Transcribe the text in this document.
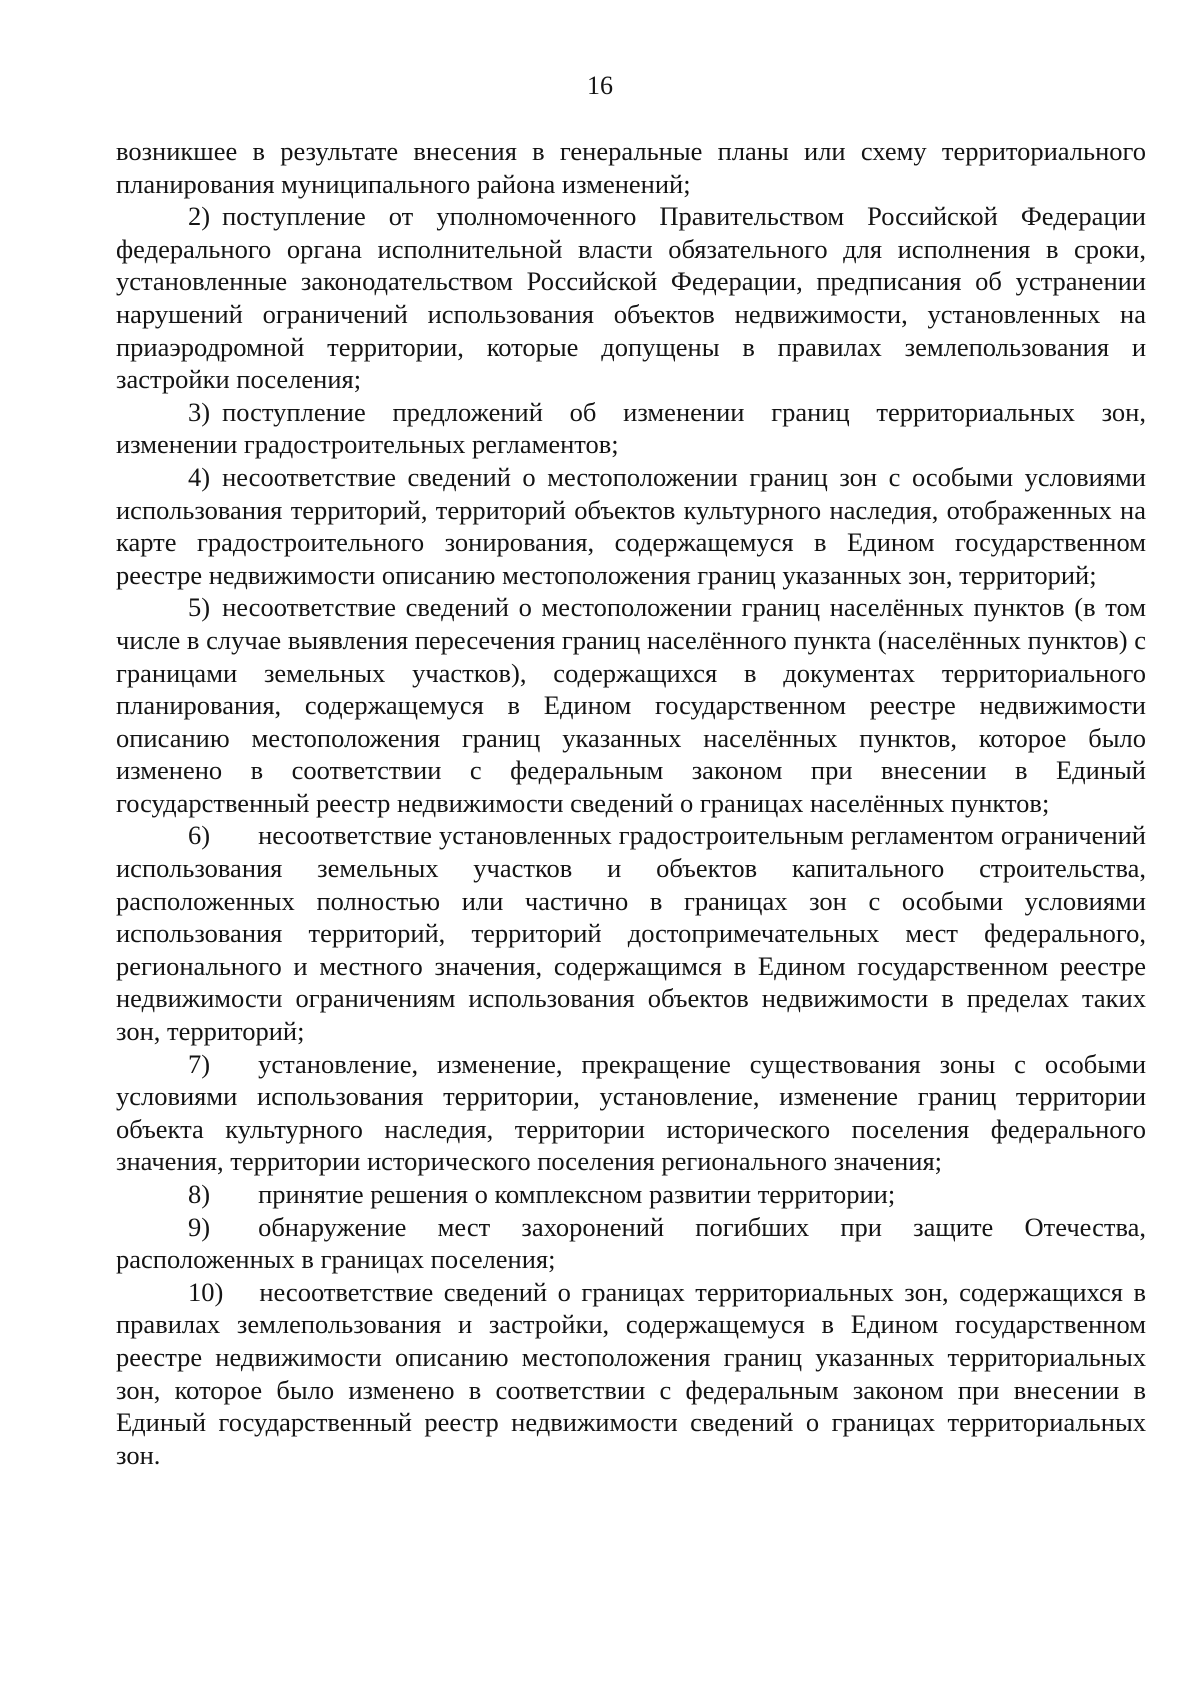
16

возникшее в результате внесения в генеральные планы или схему территориального планирования муниципального района изменений;

2) поступление от уполномоченного Правительством Российской Федерации федерального органа исполнительной власти обязательного для исполнения в сроки, установленные законодательством Российской Федерации, предписания об устранении нарушений ограничений использования объектов недвижимости, установленных на приаэродромной территории, которые допущены в правилах землепользования и застройки поселения;

3) поступление предложений об изменении границ территориальных зон, изменении градостроительных регламентов;

4) несоответствие сведений о местоположении границ зон с особыми условиями использования территорий, территорий объектов культурного наследия, отображенных на карте градостроительного зонирования, содержащемуся в Едином государственном реестре недвижимости описанию местоположения границ указанных зон, территорий;

5) несоответствие сведений о местоположении границ населённых пунктов (в том числе в случае выявления пересечения границ населённого пункта (населённых пунктов) с границами земельных участков), содержащихся в документах территориального планирования, содержащемуся в Едином государственном реестре недвижимости описанию местоположения границ указанных населённых пунктов, которое было изменено в соответствии с федеральным законом при внесении в Единый государственный реестр недвижимости сведений о границах населённых пунктов;

6) несоответствие установленных градостроительным регламентом ограничений использования земельных участков и объектов капитального строительства, расположенных полностью или частично в границах зон с особыми условиями использования территорий, территорий достопримечательных мест федерального, регионального и местного значения, содержащимся в Едином государственном реестре недвижимости ограничениям использования объектов недвижимости в пределах таких зон, территорий;

7) установление, изменение, прекращение существования зоны с особыми условиями использования территории, установление, изменение границ территории объекта культурного наследия, территории исторического поселения федерального значения, территории исторического поселения регионального значения;

8) принятие решения о комплексном развитии территории;

9) обнаружение мест захоронений погибших при защите Отечества, расположенных в границах поселения;

10) несоответствие сведений о границах территориальных зон, содержащихся в правилах землепользования и застройки, содержащемуся в Едином государственном реестре недвижимости описанию местоположения границ указанных территориальных зон, которое было изменено в соответствии с федеральным законом при внесении в Единый государственный реестр недвижимости сведений о границах территориальных зон.
